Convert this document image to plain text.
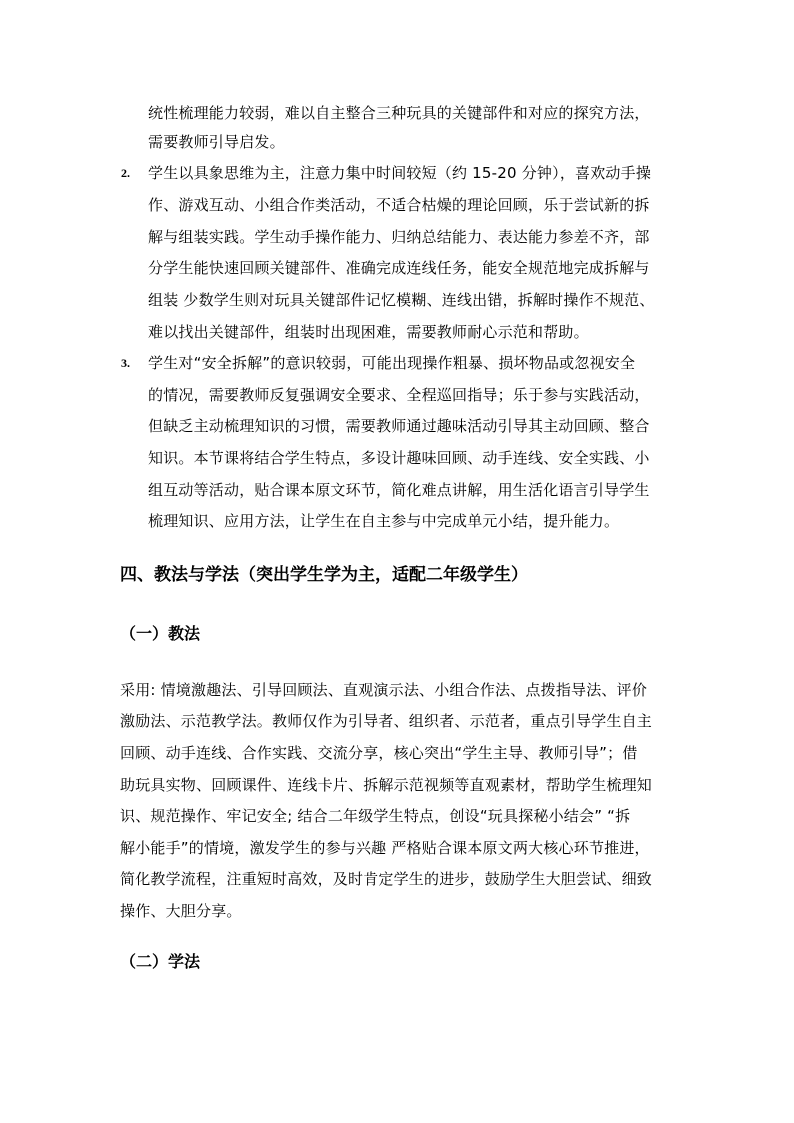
统性梳理能力较弱，难以自主整合三种玩具的关键部件和对应的探究方法，
需要教师引导启发。
2. 学生以具象思维为主，注意力集中时间较短（约 15-20 分钟），喜欢动手操
作、游戏互动、小组合作类活动，不适合枯燥的理论回顾，乐于尝试新的拆
解与组装实践。学生动手操作能力、归纳总结能力、表达能力参差不齐，部
分学生能快速回顾关键部件、准确完成连线任务，能安全规范地完成拆解与
组装 少数学生则对玩具关键部件记忆模糊、连线出错，拆解时操作不规范、
难以找出关键部件，组装时出现困难，需要教师耐心示范和帮助。
3. 学生对“安全拆解”的意识较弱，可能出现操作粗暴、损坏物品或忽视安全
的情况，需要教师反复强调安全要求、全程巡回指导；乐于参与实践活动，
但缺乏主动梳理知识的习惯，需要教师通过趣味活动引导其主动回顾、整合
知识。本节课将结合学生特点，多设计趣味回顾、动手连线、安全实践、小
组互动等活动，贴合课本原文环节，简化难点讲解，用生活化语言引导学生
梳理知识、应用方法，让学生在自主参与中完成单元小结，提升能力。
四、教法与学法（突出学生学为主，适配二年级学生）
（一）教法
采用: 情境激趣法、引导回顾法、直观演示法、小组合作法、点拨指导法、评价
激励法、示范教学法。教师仅作为引导者、组织者、示范者，重点引导学生自主
回顾、动手连线、合作实践、交流分享，核心突出“学生主导、教师引导”；借
助玩具实物、回顾课件、连线卡片、拆解示范视频等直观素材，帮助学生梳理知
识、规范操作、牢记安全; 结合二年级学生特点，创设“玩具探秘小结会” “拆
解小能手”的情境，激发学生的参与兴趣 严格贴合课本原文两大核心环节推进，
简化教学流程，注重短时高效，及时肯定学生的进步，鼓励学生大胆尝试、细致
操作、大胆分享。
（二）学法
